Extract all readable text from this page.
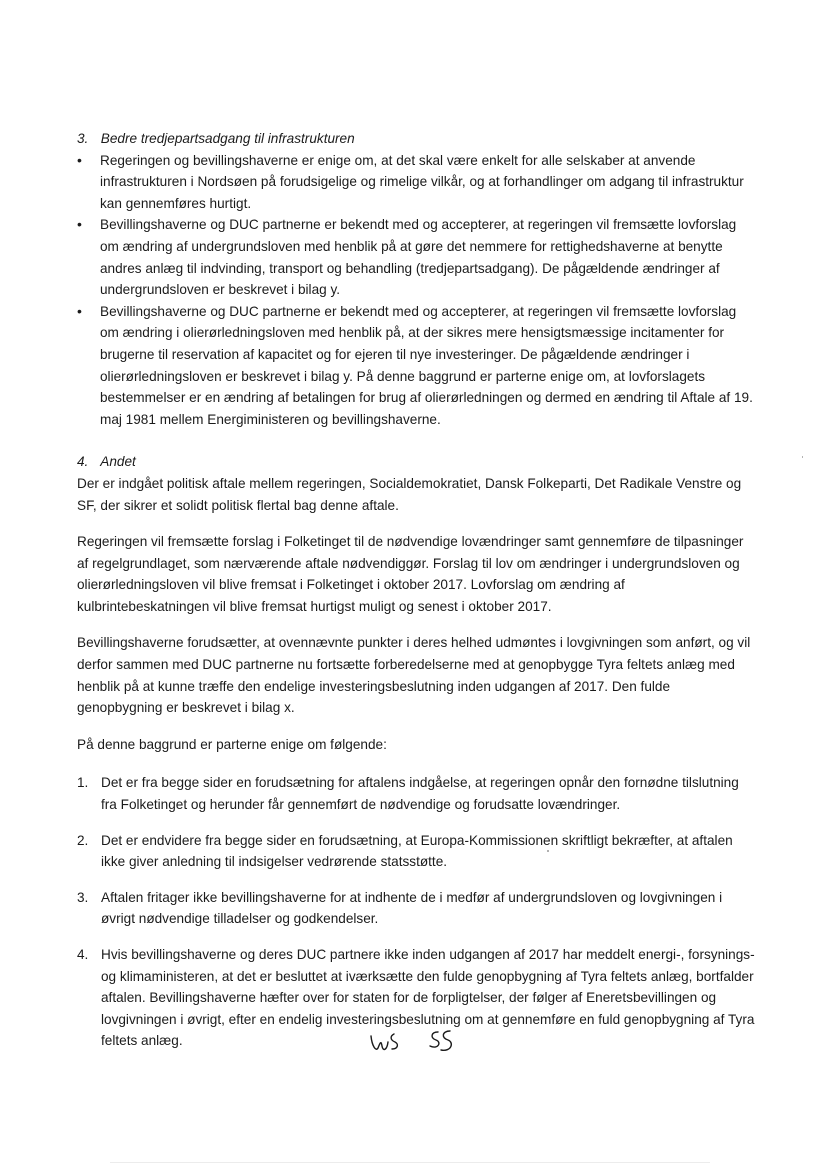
3. Bedre tredjepartsadgang til infrastrukturen

• Regeringen og bevillingshaverne er enige om, at det skal være enkelt for alle selskaber at anvende infrastrukturen i Nordsøen på forudsigelige og rimelige vilkår, og at forhandlinger om adgang til infrastruktur kan gennemføres hurtigt.
• Bevillingshaverne og DUC partnerne er bekendt med og accepterer, at regeringen vil fremsætte lovforslag om ændring af undergrundsloven med henblik på at gøre det nemmere for rettighedshaverne at benytte andres anlæg til indvinding, transport og behandling (tredjepartsadgang). De pågældende ændringer af undergrundsloven er beskrevet i bilag y.
• Bevillingshaverne og DUC partnerne er bekendt med og accepterer, at regeringen vil fremsætte lovforslag om ændring i olierørledningsloven med henblik på, at der sikres mere hensigtsmæssige incitamenter for brugerne til reservation af kapacitet og for ejeren til nye investeringer. De pågældende ændringer i olierørledningsloven er beskrevet i bilag y. På denne baggrund er parterne enige om, at lovforslagets bestemmelser er en ændring af betalingen for brug af olierørledningen og dermed en ændring til Aftale af 19. maj 1981 mellem Energiministeren og bevillingshaverne.

4. Andet

Der er indgået politisk aftale mellem regeringen, Socialdemokratiet, Dansk Folkeparti, Det Radikale Venstre og SF, der sikrer et solidt politisk flertal bag denne aftale.

Regeringen vil fremsætte forslag i Folketinget til de nødvendige lovændringer samt gennemføre de tilpasninger af regelgrundlaget, som nærværende aftale nødvendiggør. Forslag til lov om ændringer i undergrundsloven og olierørledningsloven vil blive fremsat i Folketinget i oktober 2017. Lovforslag om ændring af kulbrintebeskatningen vil blive fremsat hurtigst muligt og senest i oktober 2017.

Bevillingshaverne forudsætter, at ovennævnte punkter i deres helhed udmøntes i lovgivningen som anført, og vil derfor sammen med DUC partnerne nu fortsætte forberedelserne med at genopbygge Tyra feltets anlæg med henblik på at kunne træffe den endelige investeringsbeslutning inden udgangen af 2017. Den fulde genopbygning er beskrevet i bilag x.

På denne baggrund er parterne enige om følgende:

1. Det er fra begge sider en forudsætning for aftalens indgåelse, at regeringen opnår den fornødne tilslutning fra Folketinget og herunder får gennemført de nødvendige og forudsatte lovændringer.
2. Det er endvidere fra begge sider en forudsætning, at Europa-Kommissionen skriftligt bekræfter, at aftalen ikke giver anledning til indsigelser vedrørende statsstøtte.
3. Aftalen fritager ikke bevillingshaverne for at indhente de i medfør af undergrundsloven og lovgivningen i øvrigt nødvendige tilladelser og godkendelser.
4. Hvis bevillingshaverne og deres DUC partnere ikke inden udgangen af 2017 har meddelt energi-, forsynings- og klimaministeren, at det er besluttet at iværksætte den fulde genopbygning af Tyra feltets anlæg, bortfalder aftalen. Bevillingshaverne hæfter over for staten for de forpligtelser, der følger af Eneretsbevillingen og lovgivningen i øvrigt, efter en endelig investeringsbeslutning om at gennemføre en fuld genopbygning af Tyra feltets anlæg.
